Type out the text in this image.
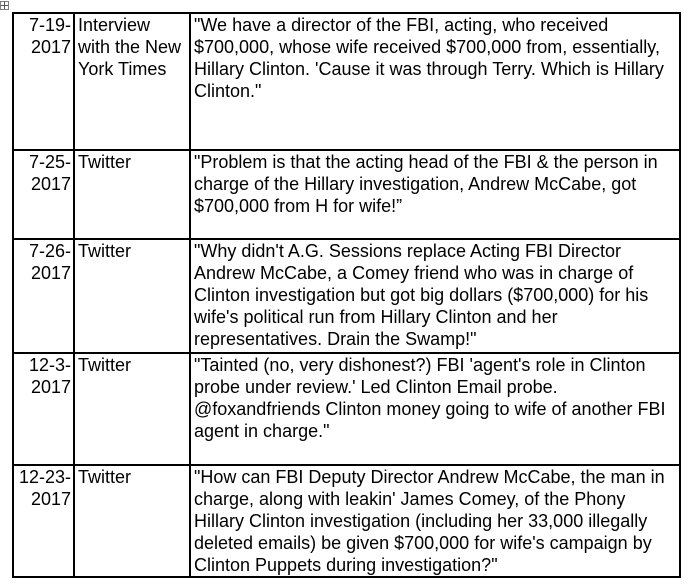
7-19-2017	Interview with the New York Times	"We have a director of the FBI, acting, who received $700,000, whose wife received $700,000 from, essentially, Hillary Clinton. 'Cause it was through Terry. Which is Hillary Clinton."
7-25-2017	Twitter	"Problem is that the acting head of the FBI & the person in charge of the Hillary investigation, Andrew McCabe, got $700,000 from H for wife!”
7-26-2017	Twitter	"Why didn't A.G. Sessions replace Acting FBI Director Andrew McCabe, a Comey friend who was in charge of Clinton investigation but got big dollars ($700,000) for his wife's political run from Hillary Clinton and her representatives. Drain the Swamp!"
12-3-2017	Twitter	"Tainted (no, very dishonest?) FBI 'agent's role in Clinton probe under review.' Led Clinton Email probe. @foxandfriends Clinton money going to wife of another FBI agent in charge."
12-23-2017	Twitter	"How can FBI Deputy Director Andrew McCabe, the man in charge, along with leakin' James Comey, of the Phony Hillary Clinton investigation (including her 33,000 illegally deleted emails) be given $700,000 for wife's campaign by Clinton Puppets during investigation?"
